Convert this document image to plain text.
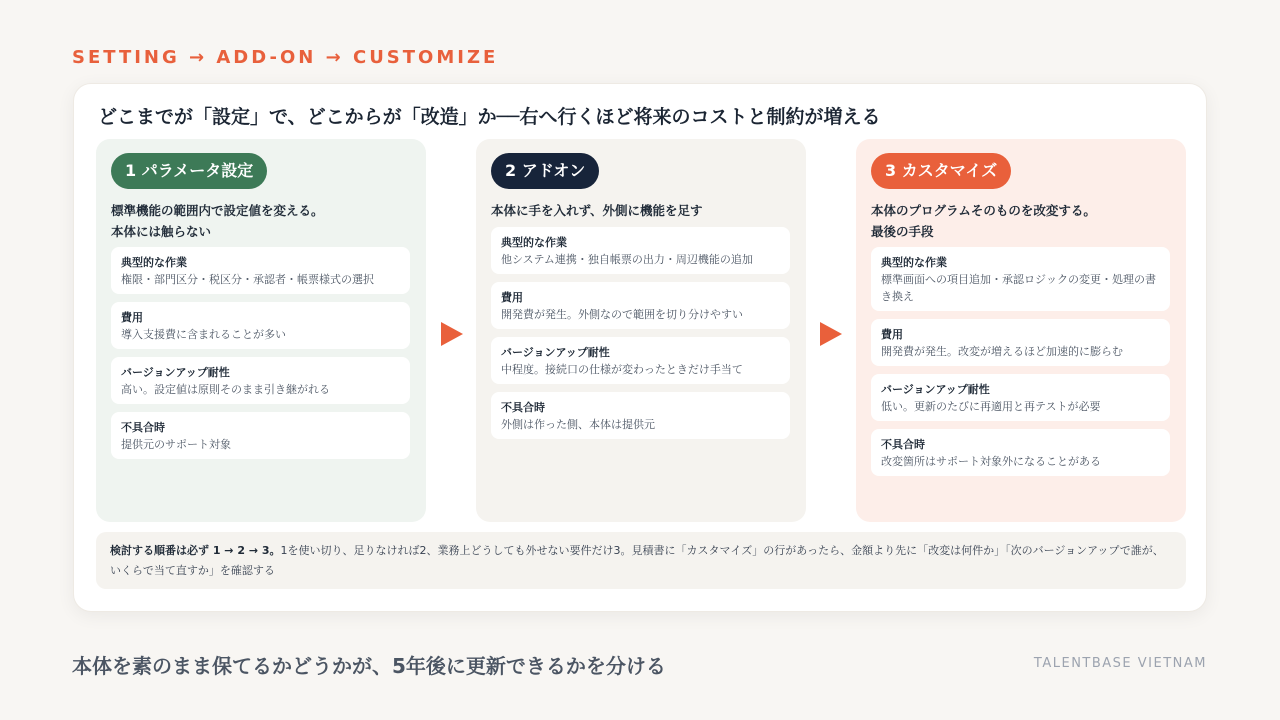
SETTING → ADD-ON → CUSTOMIZE
どこまでが「設定」で、どこからが「改造」か──右へ行くほど将来のコストと制約が増える
1 パラメータ設定
標準機能の範囲内で設定値を変える。
本体には触らない
典型的な作業
権限・部門区分・税区分・承認者・帳票様式の選択
費用
導入支援費に含まれることが多い
バージョンアップ耐性
高い。設定値は原則そのまま引き継がれる
不具合時
提供元のサポート対象
2 アドオン
本体に手を入れず、外側に機能を足す
典型的な作業
他システム連携・独自帳票の出力・周辺機能の追加
費用
開発費が発生。外側なので範囲を切り分けやすい
バージョンアップ耐性
中程度。接続口の仕様が変わったときだけ手当て
不具合時
外側は作った側、本体は提供元
3 カスタマイズ
本体のプログラムそのものを改変する。
最後の手段
典型的な作業
標準画面への項目追加・承認ロジックの変更・処理の書き換え
費用
開発費が発生。改変が増えるほど加速的に膨らむ
バージョンアップ耐性
低い。更新のたびに再適用と再テストが必要
不具合時
改変箇所はサポート対象外になることがある
検討する順番は必ず 1 → 2 → 3。1を使い切り、足りなければ2、業務上どうしても外せない要件だけ3。見積書に「カスタマイズ」の行があったら、金額より先に「改変は何件か」「次のバージョンアップで誰が、いくらで当て直すか」を確認する
本体を素のまま保てるかどうかが、5年後に更新できるかを分ける	TALENTBASE VIETNAM
